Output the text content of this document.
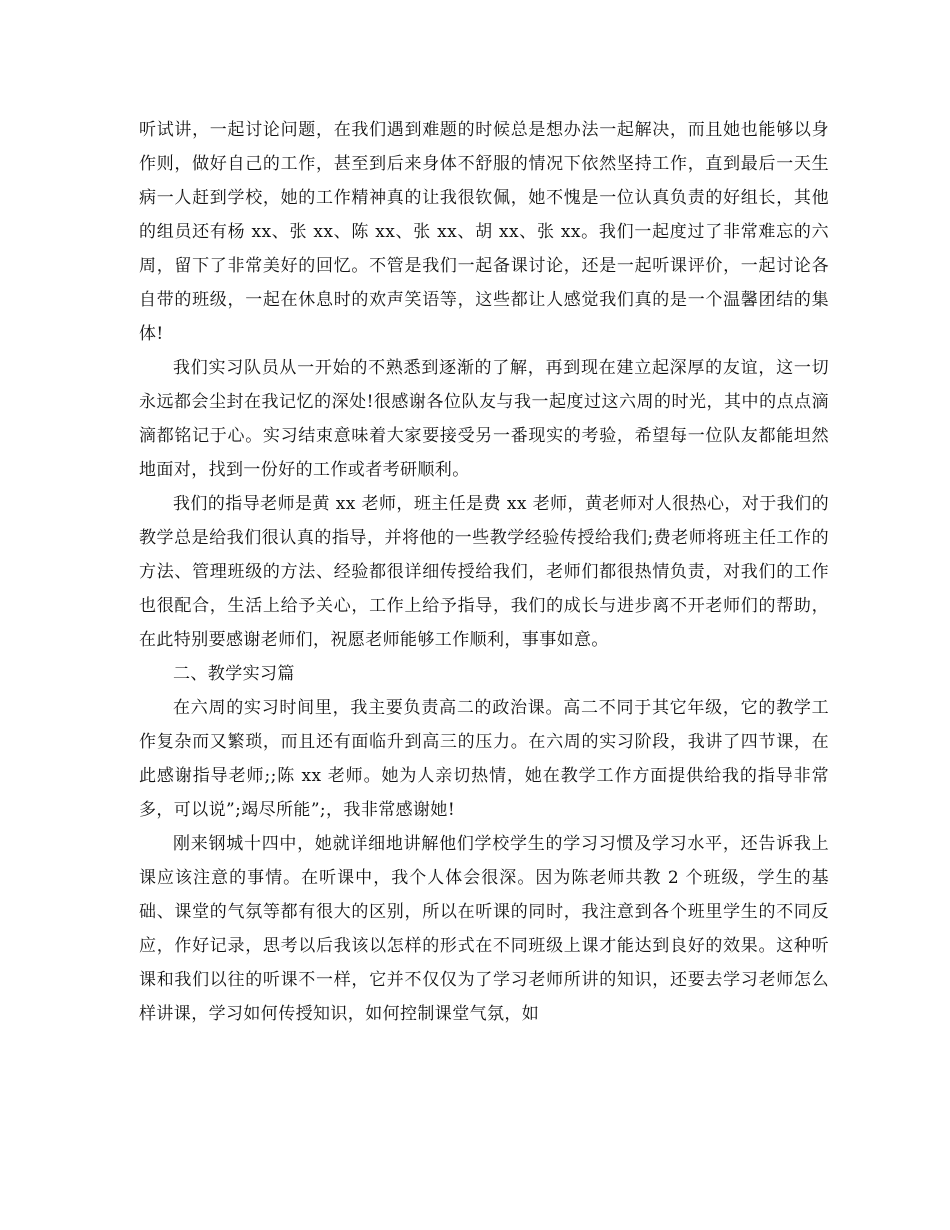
听试讲，一起讨论问题，在我们遇到难题的时候总是想办法一起解决，而且她也能够以身作则，做好自己的工作，甚至到后来身体不舒服的情况下依然坚持工作，直到最后一天生病一人赶到学校，她的工作精神真的让我很钦佩，她不愧是一位认真负责的好组长，其他的组员还有杨 xx、张 xx、陈 xx、张 xx、胡 xx、张 xx。我们一起度过了非常难忘的六周，留下了非常美好的回忆。不管是我们一起备课讨论，还是一起听课评价，一起讨论各自带的班级，一起在休息时的欢声笑语等，这些都让人感觉我们真的是一个温馨团结的集体!

我们实习队员从一开始的不熟悉到逐渐的了解，再到现在建立起深厚的友谊，这一切永远都会尘封在我记忆的深处!很感谢各位队友与我一起度过这六周的时光，其中的点点滴滴都铭记于心。实习结束意味着大家要接受另一番现实的考验，希望每一位队友都能坦然地面对，找到一份好的工作或者考研顺利。

我们的指导老师是黄 xx 老师，班主任是费 xx 老师，黄老师对人很热心，对于我们的教学总是给我们很认真的指导，并将他的一些教学经验传授给我们;费老师将班主任工作的方法、管理班级的方法、经验都很详细传授给我们，老师们都很热情负责，对我们的工作也很配合，生活上给予关心，工作上给予指导，我们的成长与进步离不开老师们的帮助，在此特别要感谢老师们，祝愿老师能够工作顺利，事事如意。

二、教学实习篇

在六周的实习时间里，我主要负责高二的政治课。高二不同于其它年级，它的教学工作复杂而又繁琐，而且还有面临升到高三的压力。在六周的实习阶段，我讲了四节课，在此感谢指导老师;;陈 xx 老师。她为人亲切热情，她在教学工作方面提供给我的指导非常多，可以说”;竭尽所能”;，我非常感谢她!

刚来钢城十四中，她就详细地讲解他们学校学生的学习习惯及学习水平，还告诉我上课应该注意的事情。在听课中，我个人体会很深。因为陈老师共教 2 个班级，学生的基础、课堂的气氛等都有很大的区别，所以在听课的同时，我注意到各个班里学生的不同反应，作好记录，思考以后我该以怎样的形式在不同班级上课才能达到良好的效果。这种听课和我们以往的听课不一样，它并不仅仅为了学习老师所讲的知识，还要去学习老师怎么样讲课，学习如何传授知识，如何控制课堂气氛，如
